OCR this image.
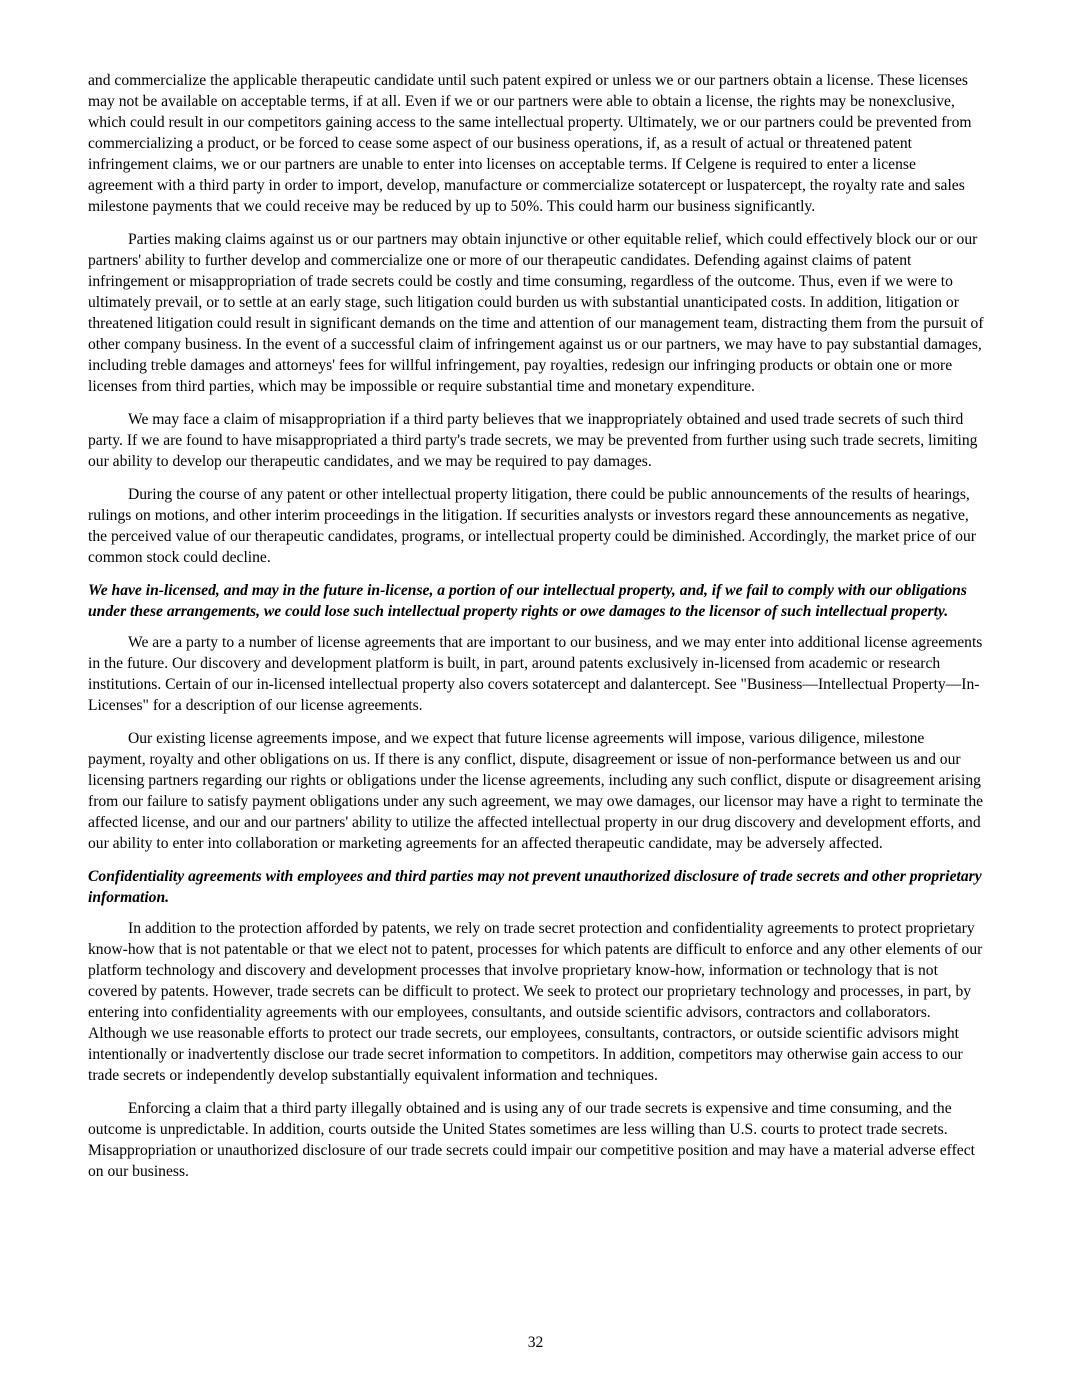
and commercialize the applicable therapeutic candidate until such patent expired or unless we or our partners obtain a license. These licenses may not be available on acceptable terms, if at all. Even if we or our partners were able to obtain a license, the rights may be nonexclusive, which could result in our competitors gaining access to the same intellectual property. Ultimately, we or our partners could be prevented from commercializing a product, or be forced to cease some aspect of our business operations, if, as a result of actual or threatened patent infringement claims, we or our partners are unable to enter into licenses on acceptable terms. If Celgene is required to enter a license agreement with a third party in order to import, develop, manufacture or commercialize sotatercept or luspatercept, the royalty rate and sales milestone payments that we could receive may be reduced by up to 50%. This could harm our business significantly.

Parties making claims against us or our partners may obtain injunctive or other equitable relief, which could effectively block our or our partners' ability to further develop and commercialize one or more of our therapeutic candidates. Defending against claims of patent infringement or misappropriation of trade secrets could be costly and time consuming, regardless of the outcome. Thus, even if we were to ultimately prevail, or to settle at an early stage, such litigation could burden us with substantial unanticipated costs. In addition, litigation or threatened litigation could result in significant demands on the time and attention of our management team, distracting them from the pursuit of other company business. In the event of a successful claim of infringement against us or our partners, we may have to pay substantial damages, including treble damages and attorneys' fees for willful infringement, pay royalties, redesign our infringing products or obtain one or more licenses from third parties, which may be impossible or require substantial time and monetary expenditure.

We may face a claim of misappropriation if a third party believes that we inappropriately obtained and used trade secrets of such third party. If we are found to have misappropriated a third party's trade secrets, we may be prevented from further using such trade secrets, limiting our ability to develop our therapeutic candidates, and we may be required to pay damages.

During the course of any patent or other intellectual property litigation, there could be public announcements of the results of hearings, rulings on motions, and other interim proceedings in the litigation. If securities analysts or investors regard these announcements as negative, the perceived value of our therapeutic candidates, programs, or intellectual property could be diminished. Accordingly, the market price of our common stock could decline.

We have in-licensed, and may in the future in-license, a portion of our intellectual property, and, if we fail to comply with our obligations under these arrangements, we could lose such intellectual property rights or owe damages to the licensor of such intellectual property.

We are a party to a number of license agreements that are important to our business, and we may enter into additional license agreements in the future. Our discovery and development platform is built, in part, around patents exclusively in-licensed from academic or research institutions. Certain of our in-licensed intellectual property also covers sotatercept and dalantercept. See "Business—Intellectual Property—In-Licenses" for a description of our license agreements.

Our existing license agreements impose, and we expect that future license agreements will impose, various diligence, milestone payment, royalty and other obligations on us. If there is any conflict, dispute, disagreement or issue of non-performance between us and our licensing partners regarding our rights or obligations under the license agreements, including any such conflict, dispute or disagreement arising from our failure to satisfy payment obligations under any such agreement, we may owe damages, our licensor may have a right to terminate the affected license, and our and our partners' ability to utilize the affected intellectual property in our drug discovery and development efforts, and our ability to enter into collaboration or marketing agreements for an affected therapeutic candidate, may be adversely affected.

Confidentiality agreements with employees and third parties may not prevent unauthorized disclosure of trade secrets and other proprietary information.

In addition to the protection afforded by patents, we rely on trade secret protection and confidentiality agreements to protect proprietary know-how that is not patentable or that we elect not to patent, processes for which patents are difficult to enforce and any other elements of our platform technology and discovery and development processes that involve proprietary know-how, information or technology that is not covered by patents. However, trade secrets can be difficult to protect. We seek to protect our proprietary technology and processes, in part, by entering into confidentiality agreements with our employees, consultants, and outside scientific advisors, contractors and collaborators. Although we use reasonable efforts to protect our trade secrets, our employees, consultants, contractors, or outside scientific advisors might intentionally or inadvertently disclose our trade secret information to competitors. In addition, competitors may otherwise gain access to our trade secrets or independently develop substantially equivalent information and techniques.

Enforcing a claim that a third party illegally obtained and is using any of our trade secrets is expensive and time consuming, and the outcome is unpredictable. In addition, courts outside the United States sometimes are less willing than U.S. courts to protect trade secrets. Misappropriation or unauthorized disclosure of our trade secrets could impair our competitive position and may have a material adverse effect on our business.

32
